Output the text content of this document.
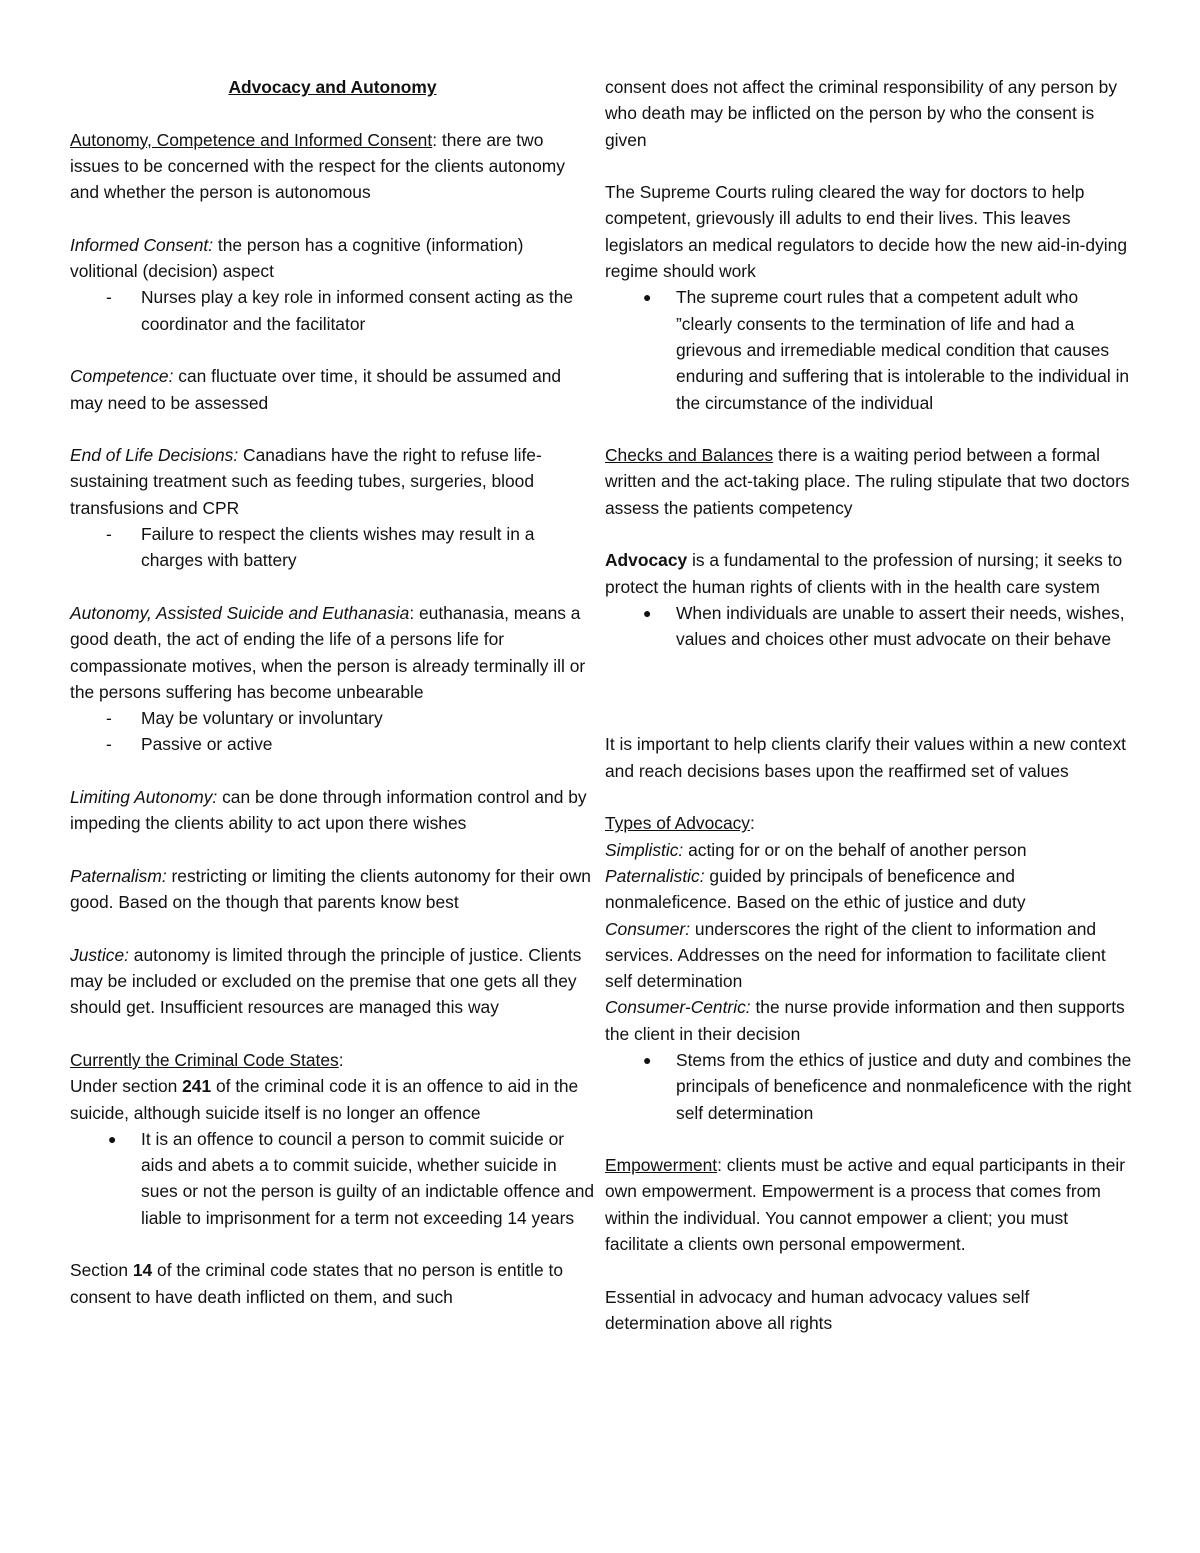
Advocacy and Autonomy

Autonomy, Competence and Informed Consent: there are two issues to be concerned with the respect for the clients autonomy and whether the person is autonomous

Informed Consent: the person has a cognitive (information) volitional (decision) aspect

-	Nurses play a key role in informed consent acting as the coordinator and the facilitator

Competence: can fluctuate over time, it should be assumed and may need to be assessed

End of Life Decisions: Canadians have the right to refuse life-sustaining treatment such as feeding tubes, surgeries, blood transfusions and CPR

-	Failure to respect the clients wishes may result in a charges with battery

Autonomy, Assisted Suicide and Euthanasia: euthanasia, means a good death, the act of ending the life of a persons life for compassionate motives, when the person is already terminally ill or the persons suffering has become unbearable

-	May be voluntary or involuntary
-	Passive or active

Limiting Autonomy: can be done through information control and by impeding the clients ability to act upon there wishes

Paternalism: restricting or limiting the clients autonomy for their own good. Based on the though that parents know best

Justice: autonomy is limited through the principle of justice. Clients may be included or excluded on the premise that one gets all they should get. Insufficient resources are managed this way

Currently the Criminal Code States:

Under section 241 of the criminal code it is an offence to aid in the suicide, although suicide itself is no longer an offence

●	It is an offence to council a person to commit suicide or aids and abets a to commit suicide, whether suicide in sues or not the person is guilty of an indictable offence and liable to imprisonment for a term not exceeding 14 years

Section 14 of the criminal code states that no person is entitle to consent to have death inflicted on them, and such

consent does not affect the criminal responsibility of any person by who death may be inflicted on the person by who the consent is given

The Supreme Courts ruling cleared the way for doctors to help competent, grievously ill adults to end their lives. This leaves legislators an medical regulators to decide how the new aid-in-dying regime should work

●	The supreme court rules that a competent adult who ”clearly consents to the termination of life and had a grievous and irremediable medical condition that causes enduring and suffering that is intolerable to the individual in the circumstance of the individual

Checks and Balances there is a waiting period between a formal written and the act-taking place. The ruling stipulate that two doctors assess the patients competency

Advocacy is a fundamental to the profession of nursing; it seeks to protect the human rights of clients with in the health care system

●	When individuals are unable to assert their needs, wishes, values and choices other must advocate on their behave

It is important to help clients clarify their values within a new context and reach decisions bases upon the reaffirmed set of values

Types of Advocacy:

Simplistic: acting for or on the behalf of another person

Paternalistic: guided by principals of beneficence and nonmaleficence. Based on the ethic of justice and duty

Consumer: underscores the right of the client to information and services. Addresses on the need for information to facilitate client self determination

Consumer-Centric: the nurse provide information and then supports the client in their decision

●	Stems from the ethics of justice and duty and combines the principals of beneficence and nonmaleficence with the right self determination

Empowerment: clients must be active and equal participants in their own empowerment. Empowerment is a process that comes from within the individual. You cannot empower a client; you must facilitate a clients own personal empowerment.

Essential in advocacy and human advocacy values self determination above all rights
